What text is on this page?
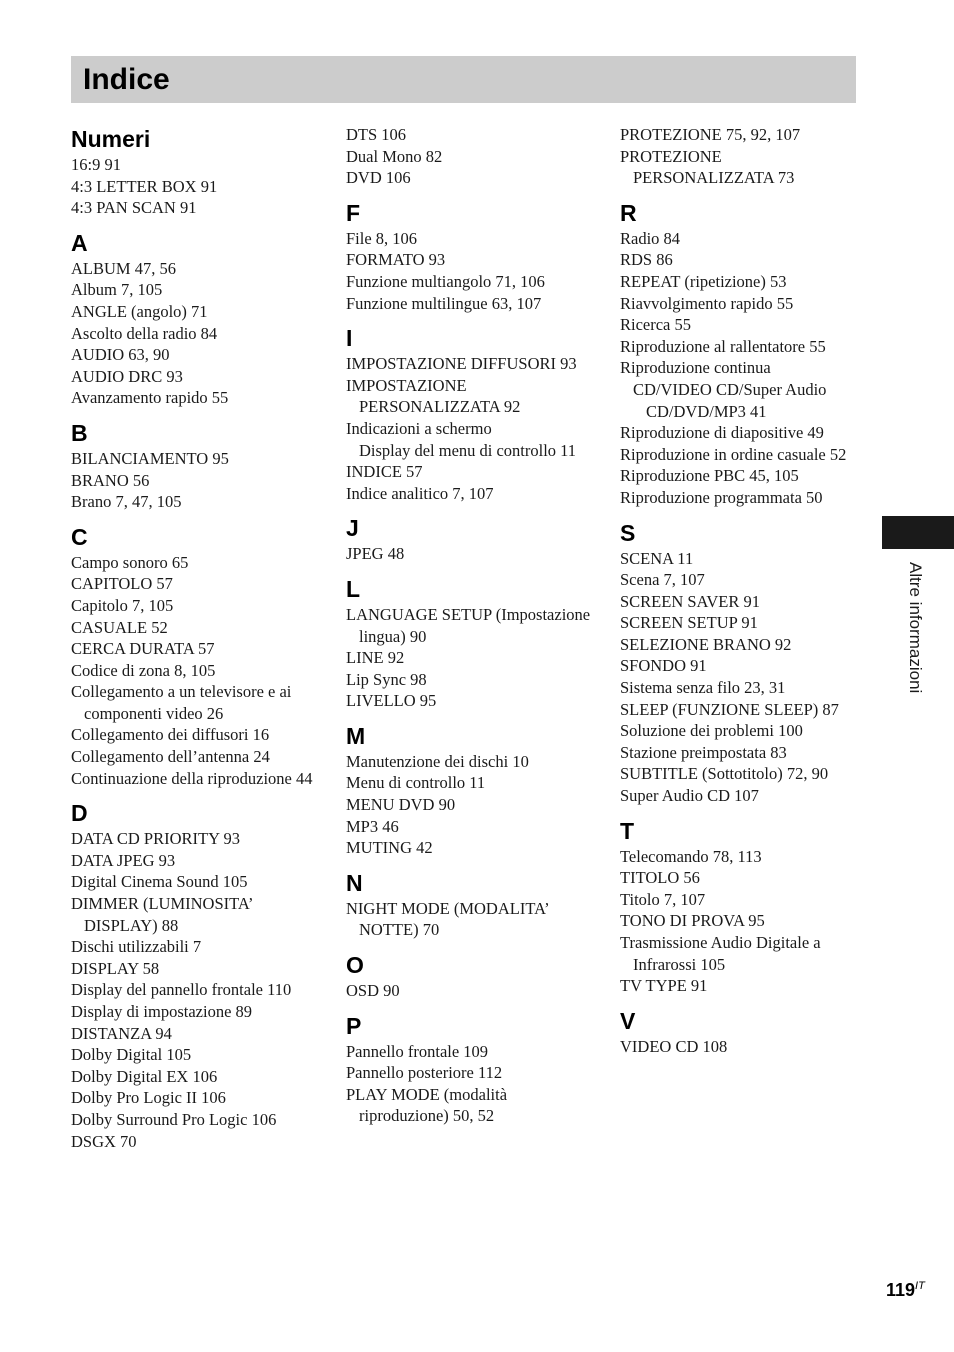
Indice
Numeri

16:9 91

4:3 LETTER BOX 91

4:3 PAN SCAN 91

A

ALBUM 47, 56

Album 7, 105

ANGLE (angolo) 71

Ascolto della radio 84

AUDIO 63, 90

AUDIO DRC 93

Avanzamento rapido 55

B

BILANCIAMENTO 95

BRANO 56

Brano 7, 47, 105

C

Campo sonoro 65

CAPITOLO 57

Capitolo 7, 105

CASUALE 52

CERCA DURATA 57

Codice di zona 8, 105

Collegamento a un televisore e ai componenti video 26

Collegamento dei diffusori 16

Collegamento dell’antenna 24

Continuazione della riproduzione 44

D

DATA CD PRIORITY 93

DATA JPEG 93

Digital Cinema Sound 105

DIMMER (LUMINOSITA’ DISPLAY) 88

Dischi utilizzabili 7

DISPLAY 58

Display del pannello frontale 110

Display di impostazione 89

DISTANZA 94

Dolby Digital 105

Dolby Digital EX 106

Dolby Pro Logic II 106

Dolby Surround Pro Logic 106

DSGX 70

DTS 106

Dual Mono 82

DVD 106

F

File 8, 106

FORMATO 93

Funzione multiangolo 71, 106

Funzione multilingue 63, 107

I

IMPOSTAZIONE DIFFUSORI 93

IMPOSTAZIONE PERSONALIZZATA 92

Indicazioni a schermo

Display del menu di controllo 11

INDICE 57

Indice analitico 7, 107

J

JPEG 48

L

LANGUAGE SETUP (Impostazione lingua) 90

LINE 92

Lip Sync 98

LIVELLO 95

M

Manutenzione dei dischi 10

Menu di controllo 11

MENU DVD 90

MP3 46

MUTING 42

N

NIGHT MODE (MODALITA’ NOTTE) 70

O

OSD 90

P

Pannello frontale 109

Pannello posteriore 112

PLAY MODE (modalità riproduzione) 50, 52

PROTEZIONE 75, 92, 107

PROTEZIONE PERSONALIZZATA 73

R

Radio 84

RDS 86

REPEAT (ripetizione) 53

Riavvolgimento rapido 55

Ricerca 55

Riproduzione al rallentatore 55

Riproduzione continua

CD/VIDEO CD/Super Audio CD/DVD/MP3 41

Riproduzione di diapositive 49

Riproduzione in ordine casuale 52

Riproduzione PBC 45, 105

Riproduzione programmata 50

S

SCENA 11

Scena 7, 107

SCREEN SAVER 91

SCREEN SETUP 91

SELEZIONE BRANO 92

SFONDO 91

Sistema senza filo 23, 31

SLEEP (FUNZIONE SLEEP) 87

Soluzione dei problemi 100

Stazione preimpostata 83

SUBTITLE (Sottotitolo) 72, 90

Super Audio CD 107

T

Telecomando 78, 113

TITOLO 56

Titolo 7, 107

TONO DI PROVA 95

Trasmissione Audio Digitale a Infrarossi 105

TV TYPE 91

V

VIDEO CD 108

Altre informazioni
$119^{IT}$
